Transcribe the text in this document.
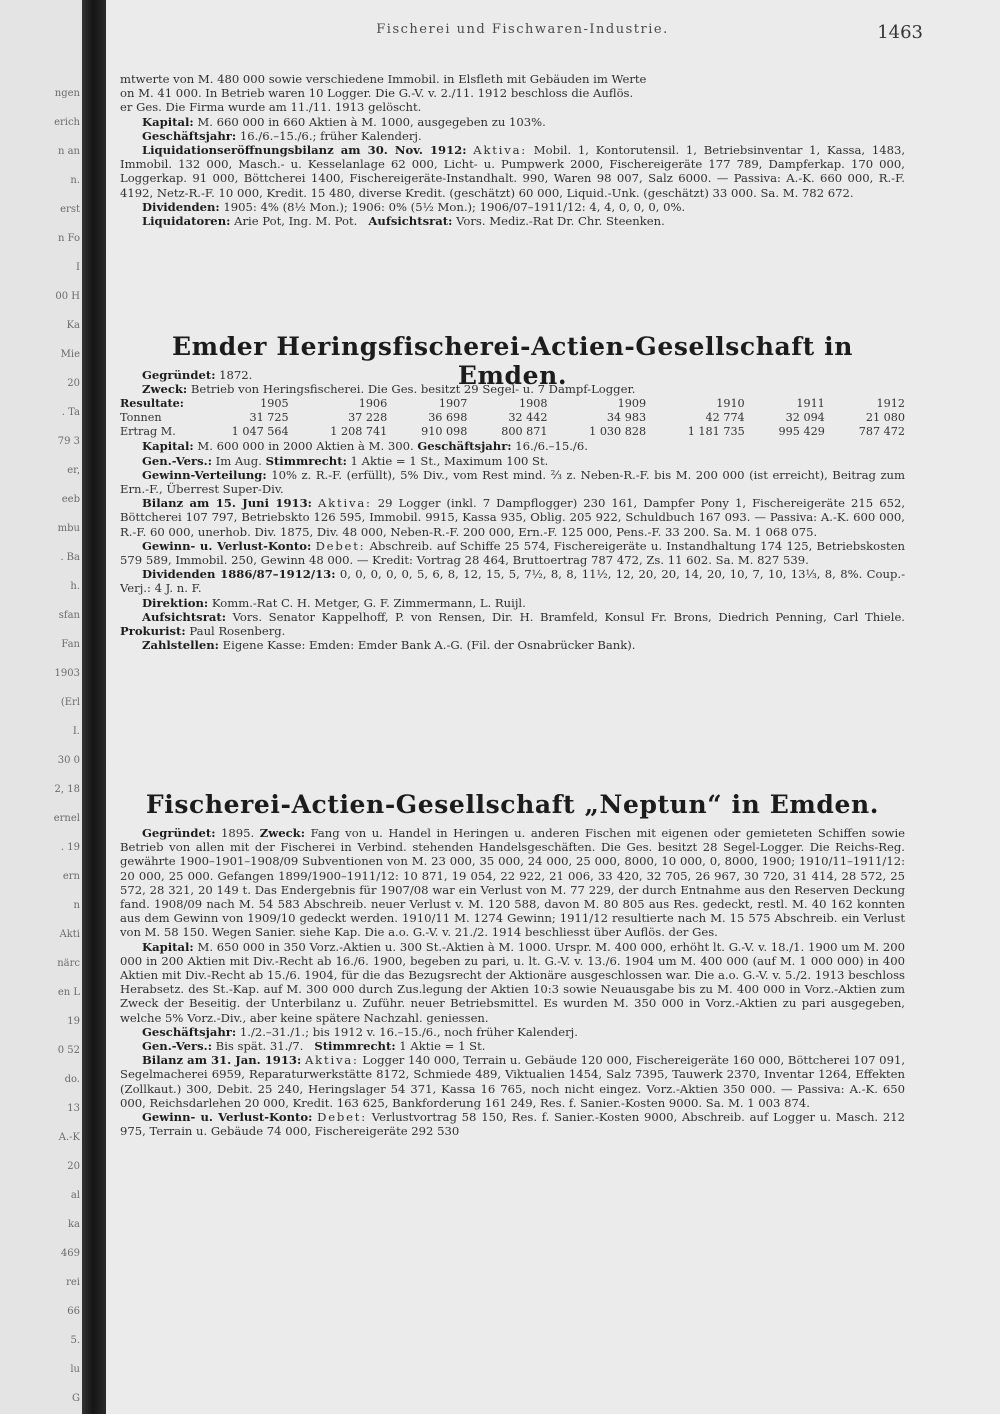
ngen
erich
n an
n.
erst
n Fo
I
00 H
Ka
Mie
20
. Ta
79 3
er,
eeb
mbu
. Ba
h.
sfan
Fan
1903
(Erl
I.
30 0
2, 18
ernel
. 19
ern
n
Akti
närc
en L
19
0 52
do.
13
A.-K
20
al
ka
469
rei
66
5.
lu
G
Fischerei und Fischwaren-Industrie.	1463

mtwerte von M. 480 000 sowie verschiedene Immobil. in Elsfleth mit Gebäuden im Werte

on M. 41 000. In Betrieb waren 10 Logger. Die G.-V. v. 2./11. 1912 beschloss die Auflös.

er Ges. Die Firma wurde am 11./11. 1913 gelöscht.

Kapital: M. 660 000 in 660 Aktien à M. 1000, ausgegeben zu 103%.

Geschäftsjahr: 16./6.–15./6.; früher Kalenderj.

Liquidationseröffnungsbilanz am 30. Nov. 1912: Aktiva: Mobil. 1, Kontorutensil. 1, Betriebsinventar 1, Kassa, 1483, Immobil. 132 000, Masch.- u. Kesselanlage 62 000, Licht- u. Pumpwerk 2000, Fischereigeräte 177 789, Dampferkap. 170 000, Loggerkap. 91 000, Böttcherei 1400, Fischereigeräte-Instandhalt. 990, Waren 98 007, Salz 6000. — Passiva: A.-K. 660 000, R.-F. 4192, Netz-R.-F. 10 000, Kredit. 15 480, diverse Kredit. (geschätzt) 60 000, Liquid.-Unk. (geschätzt) 33 000. Sa. M. 782 672.

Dividenden: 1905: 4% (8½ Mon.); 1906: 0% (5½ Mon.); 1906/07–1911/12: 4, 4, 0, 0, 0, 0%.

Liquidatoren: Arie Pot, Ing. M. Pot. Aufsichtsrat: Vors. Mediz.-Rat Dr. Chr. Steenken.

Emder Heringsfischerei-Actien-Gesellschaft in Emden.

Gegründet: 1872.

Zweck: Betrieb von Heringsfischerei. Die Ges. besitzt 29 Segel- u. 7 Dampf-Logger.

Resultate:	1905	1906	1907	1908	1909	1910	1911	1912
Tonnen	31 725	37 228	36 698	32 442	34 983	42 774	32 094	21 080
Ertrag M.	1 047 564	1 208 741	910 098	800 871	1 030 828	1 181 735	995 429	787 472

Kapital: M. 600 000 in 2000 Aktien à M. 300. Geschäftsjahr: 16./6.–15./6.

Gen.-Vers.: Im Aug. Stimmrecht: 1 Aktie = 1 St., Maximum 100 St.

Gewinn-Verteilung: 10% z. R.-F. (erfüllt), 5% Div., vom Rest mind. ²⁄₃ z. Neben-R.-F. bis M. 200 000 (ist erreicht), Beitrag zum Ern.-F., Überrest Super-Div.

Bilanz am 15. Juni 1913: Aktiva: 29 Logger (inkl. 7 Dampflogger) 230 161, Dampfer Pony 1, Fischereigeräte 215 652, Böttcherei 107 797, Betriebskto 126 595, Immobil. 9915, Kassa 935, Oblig. 205 922, Schuldbuch 167 093. — Passiva: A.-K. 600 000, R.-F. 60 000, unerhob. Div. 1875, Div. 48 000, Neben-R.-F. 200 000, Ern.-F. 125 000, Pens.-F. 33 200. Sa. M. 1 068 075.

Gewinn- u. Verlust-Konto: Debet: Abschreib. auf Schiffe 25 574, Fischereigeräte u. Instandhaltung 174 125, Betriebskosten 579 589, Immobil. 250, Gewinn 48 000. — Kredit: Vortrag 28 464, Bruttoertrag 787 472, Zs. 11 602. Sa. M. 827 539.

Dividenden 1886/87–1912/13: 0, 0, 0, 0, 0, 5, 6, 8, 12, 15, 5, 7½, 8, 8, 11½, 12, 20, 20, 14, 20, 10, 7, 10, 13⅓, 8, 8%. Coup.-Verj.: 4 J. n. F.

Direktion: Komm.-Rat C. H. Metger, G. F. Zimmermann, L. Ruijl.

Aufsichtsrat: Vors. Senator Kappelhoff, P. von Rensen, Dir. H. Bramfeld, Konsul Fr. Brons, Diedrich Penning, Carl Thiele. Prokurist: Paul Rosenberg.

Zahlstellen: Eigene Kasse: Emden: Emder Bank A.-G. (Fil. der Osnabrücker Bank).

Fischerei-Actien-Gesellschaft „Neptun“ in Emden.

Gegründet: 1895. Zweck: Fang von u. Handel in Heringen u. anderen Fischen mit eigenen oder gemieteten Schiffen sowie Betrieb von allen mit der Fischerei in Verbind. stehenden Handelsgeschäften. Die Ges. besitzt 28 Segel-Logger. Die Reichs-Reg. gewährte 1900–1901–1908/09 Subventionen von M. 23 000, 35 000, 24 000, 25 000, 8000, 10 000, 0, 8000, 1900; 1910/11–1911/12: 20 000, 25 000. Gefangen 1899/1900–1911/12: 10 871, 19 054, 22 922, 21 006, 33 420, 32 705, 26 967, 30 720, 31 414, 28 572, 25 572, 28 321, 20 149 t. Das Endergebnis für 1907/08 war ein Verlust von M. 77 229, der durch Entnahme aus den Reserven Deckung fand. 1908/09 nach M. 54 583 Abschreib. neuer Verlust v. M. 120 588, davon M. 80 805 aus Res. gedeckt, restl. M. 40 162 konnten aus dem Gewinn von 1909/10 gedeckt werden. 1910/11 M. 1274 Gewinn; 1911/12 resultierte nach M. 15 575 Abschreib. ein Verlust von M. 58 150. Wegen Sanier. siehe Kap. Die a.o. G.-V. v. 21./2. 1914 beschliesst über Auflös. der Ges.

Kapital: M. 650 000 in 350 Vorz.-Aktien u. 300 St.-Aktien à M. 1000. Urspr. M. 400 000, erhöht lt. G.-V. v. 18./1. 1900 um M. 200 000 in 200 Aktien mit Div.-Recht ab 16./6. 1900, begeben zu pari, u. lt. G.-V. v. 13./6. 1904 um M. 400 000 (auf M. 1 000 000) in 400 Aktien mit Div.-Recht ab 15./6. 1904, für die das Bezugsrecht der Aktionäre ausgeschlossen war. Die a.o. G.-V. v. 5./2. 1913 beschloss Herabsetz. des St.-Kap. auf M. 300 000 durch Zus.legung der Aktien 10:3 sowie Neuausgabe bis zu M. 400 000 in Vorz.-Aktien zum Zweck der Beseitig. der Unterbilanz u. Zuführ. neuer Betriebsmittel. Es wurden M. 350 000 in Vorz.-Aktien zu pari ausgegeben, welche 5% Vorz.-Div., aber keine spätere Nachzahl. geniessen.

Geschäftsjahr: 1./2.–31./1.; bis 1912 v. 16.–15./6., noch früher Kalenderj.

Gen.-Vers.: Bis spät. 31./7. Stimmrecht: 1 Aktie = 1 St.

Bilanz am 31. Jan. 1913: Aktiva: Logger 140 000, Terrain u. Gebäude 120 000, Fischereigeräte 160 000, Böttcherei 107 091, Segelmacherei 6959, Reparaturwerkstätte 8172, Schmiede 489, Viktualien 1454, Salz 7395, Tauwerk 2370, Inventar 1264, Effekten (Zollkaut.) 300, Debit. 25 240, Heringslager 54 371, Kassa 16 765, noch nicht eingez. Vorz.-Aktien 350 000. — Passiva: A.-K. 650 000, Reichsdarlehen 20 000, Kredit. 163 625, Bankforderung 161 249, Res. f. Sanier.-Kosten 9000. Sa. M. 1 003 874.

Gewinn- u. Verlust-Konto: Debet: Verlustvortrag 58 150, Res. f. Sanier.-Kosten 9000, Abschreib. auf Logger u. Masch. 212 975, Terrain u. Gebäude 74 000, Fischereigeräte 292 530
